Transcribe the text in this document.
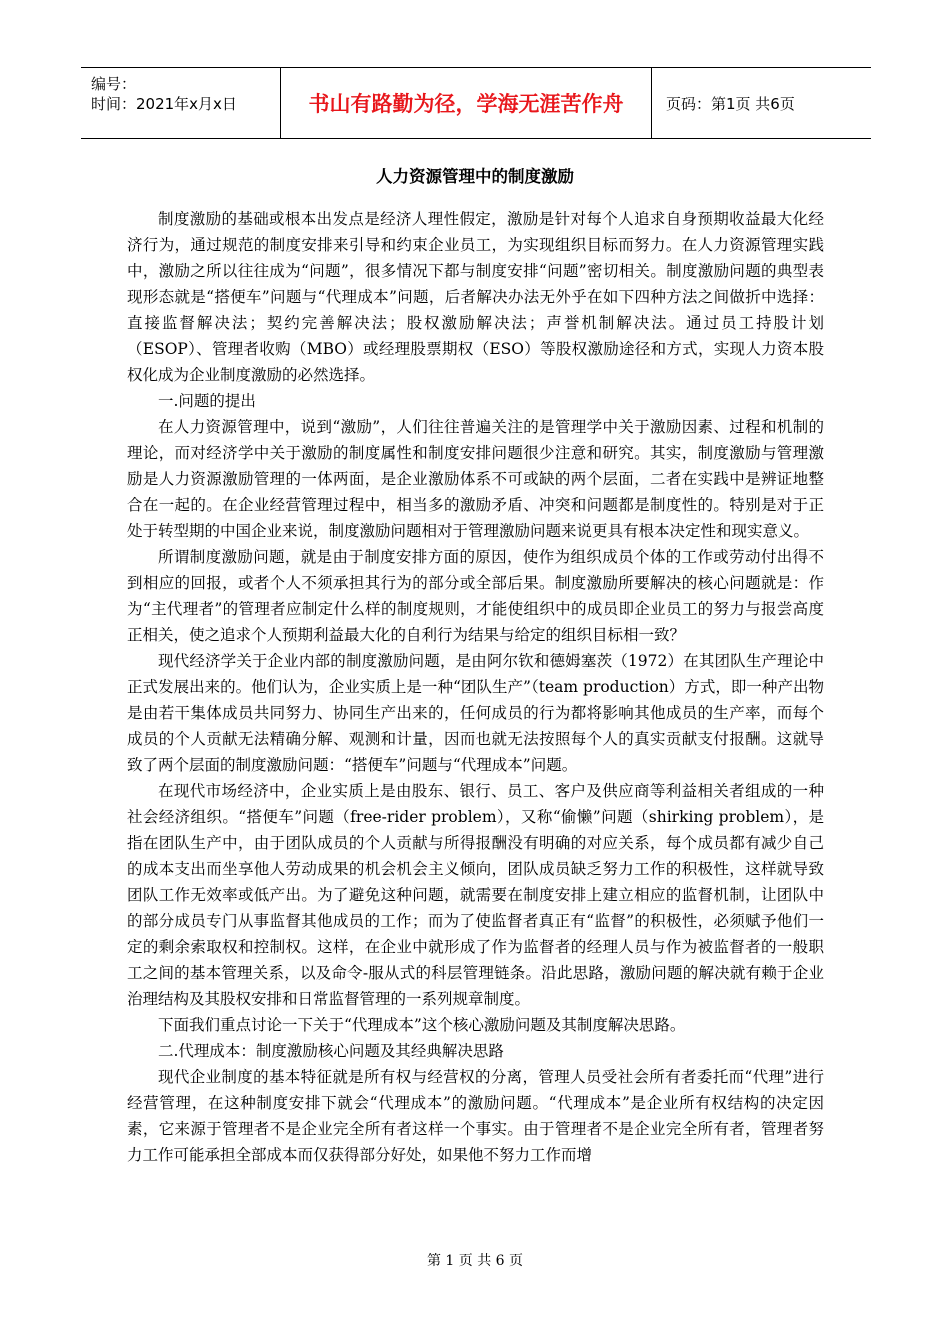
编号：
时间：2021年x月x日	书山有路勤为径，学海无涯苦作舟	页码：第1页 共6页
人力资源管理中的制度激励

制度激励的基础或根本出发点是经济人理性假定，激励是针对每个人追求自身预期收益最大化经济行为，通过规范的制度安排来引导和约束企业员工，为实现组织目标而努力。在人力资源管理实践中，激励之所以往往成为“问题”，很多情况下都与制度安排“问题”密切相关。制度激励问题的典型表现形态就是“搭便车”问题与“代理成本”问题，后者解决办法无外乎在如下四种方法之间做折中选择：直接监督解决法；契约完善解决法；股权激励解决法；声誉机制解决法。通过员工持股计划（ESOP）、管理者收购（MBO）或经理股票期权（ESO）等股权激励途径和方式，实现人力资本股权化成为企业制度激励的必然选择。

一.问题的提出

在人力资源管理中，说到“激励”，人们往往普遍关注的是管理学中关于激励因素、过程和机制的理论，而对经济学中关于激励的制度属性和制度安排问题很少注意和研究。其实，制度激励与管理激励是人力资源激励管理的一体两面，是企业激励体系不可或缺的两个层面，二者在实践中是辨证地整合在一起的。在企业经营管理过程中，相当多的激励矛盾、冲突和问题都是制度性的。特别是对于正处于转型期的中国企业来说，制度激励问题相对于管理激励问题来说更具有根本决定性和现实意义。

所谓制度激励问题，就是由于制度安排方面的原因，使作为组织成员个体的工作或劳动付出得不到相应的回报，或者个人不须承担其行为的部分或全部后果。制度激励所要解决的核心问题就是：作为“主代理者”的管理者应制定什么样的制度规则，才能使组织中的成员即企业员工的努力与报尝高度正相关，使之追求个人预期利益最大化的自利行为结果与给定的组织目标相一致？

现代经济学关于企业内部的制度激励问题，是由阿尔钦和德姆塞茨（1972）在其团队生产理论中正式发展出来的。他们认为，企业实质上是一种“团队生产”（team production）方式，即一种产出物是由若干集体成员共同努力、协同生产出来的，任何成员的行为都将影响其他成员的生产率，而每个成员的个人贡献无法精确分解、观测和计量，因而也就无法按照每个人的真实贡献支付报酬。这就导致了两个层面的制度激励问题：“搭便车”问题与“代理成本”问题。

在现代市场经济中，企业实质上是由股东、银行、员工、客户及供应商等利益相关者组成的一种社会经济组织。“搭便车”问题（free-rider problem），又称“偷懒”问题（shirking problem），是指在团队生产中，由于团队成员的个人贡献与所得报酬没有明确的对应关系，每个成员都有减少自己的成本支出而坐享他人劳动成果的机会机会主义倾向，团队成员缺乏努力工作的积极性，这样就导致团队工作无效率或低产出。为了避免这种问题，就需要在制度安排上建立相应的监督机制，让团队中的部分成员专门从事监督其他成员的工作；而为了使监督者真正有“监督”的积极性，必须赋予他们一定的剩余索取权和控制权。这样，在企业中就形成了作为监督者的经理人员与作为被监督者的一般职工之间的基本管理关系，以及命令-服从式的科层管理链条。沿此思路，激励问题的解决就有赖于企业治理结构及其股权安排和日常监督管理的一系列规章制度。

下面我们重点讨论一下关于“代理成本”这个核心激励问题及其制度解决思路。

二.代理成本：制度激励核心问题及其经典解决思路

现代企业制度的基本特征就是所有权与经营权的分离，管理人员受社会所有者委托而“代理”进行经营管理，在这种制度安排下就会“代理成本”的激励问题。“代理成本”是企业所有权结构的决定因素，它来源于管理者不是企业完全所有者这样一个事实。由于管理者不是企业完全所有者，管理者努力工作可能承担全部成本而仅获得部分好处，如果他不努力工作而增

第 1 页 共 6 页
